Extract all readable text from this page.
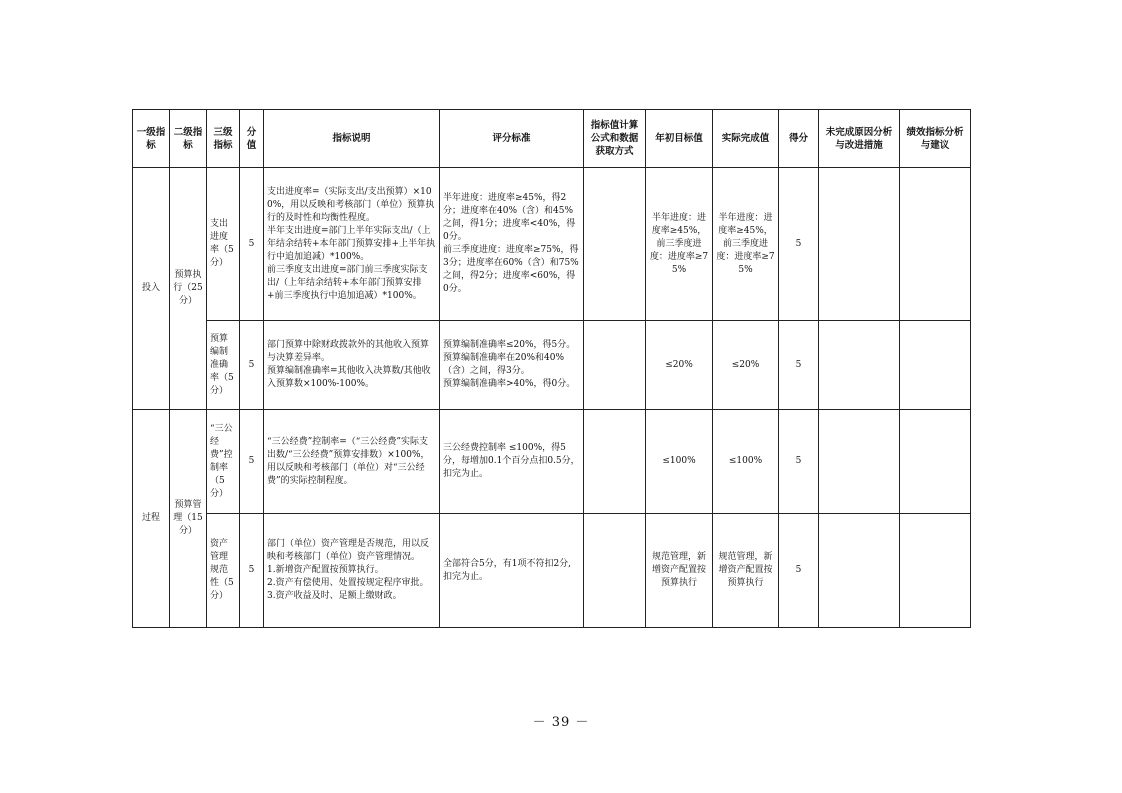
一级指标	二级指标	三级指标	分值	指标说明	评分标准	指标值计算公式和数据获取方式	年初目标值	实际完成值	得分	未完成原因分析与改进措施	绩效指标分析与建议
投入	预算执行（25分）	支出进度率（5分）	5	支出进度率=（实际支出/支出预算）×100%，用以反映和考核部门（单位）预算执行的及时性和均衡性程度。
半年支出进度=部门上半年实际支出/（上年结余结转+本年部门预算安排+上半年执行中追加追减）*100%。
前三季度支出进度=部门前三季度实际支出/（上年结余结转+本年部门预算安排+前三季度执行中追加追减）*100%。	半年进度：进度率≥45%，得2分；进度率在40%（含）和45%之间，得1分；进度率<40%，得0分。
前三季度进度：进度率≥75%，得3分；进度率在60%（含）和75%之间，得2分；进度率<60%，得0分。		半年进度：进度率≥45%，前三季度进度：进度率≥75%	半年进度：进度率≥45%，前三季度进度：进度率≥75%	5		
		预算编制准确率（5分）	5	部门预算中除财政拨款外的其他收入预算与决算差异率。
预算编制准确率=其他收入决算数/其他收入预算数×100%-100%。	预算编制准确率≤20%，得5分。
预算编制准确率在20%和40%（含）之间，得3分。
预算编制准确率>40%，得0分。		≤20%	≤20%	5		
过程	预算管理（15分）	“三公经费”控制率（5分）	5	“三公经费”控制率=（“三公经费”实际支出数/“三公经费”预算安排数）×100%，用以反映和考核部门（单位）对“三公经费”的实际控制程度。	三公经费控制率 ≤100%，得5分，每增加0.1个百分点扣0.5分，扣完为止。		≤100%	≤100%	5		
		资产管理规范性（5分）	5	部门（单位）资产管理是否规范，用以反映和考核部门（单位）资产管理情况。
1.新增资产配置按预算执行。
2.资产有偿使用、处置按规定程序审批。
3.资产收益及时、足额上缴财政。	全部符合5分，有1项不符扣2分,扣完为止。		规范管理，新增资产配置按预算执行	规范管理，新增资产配置按预算执行	5		
－ 39 －
